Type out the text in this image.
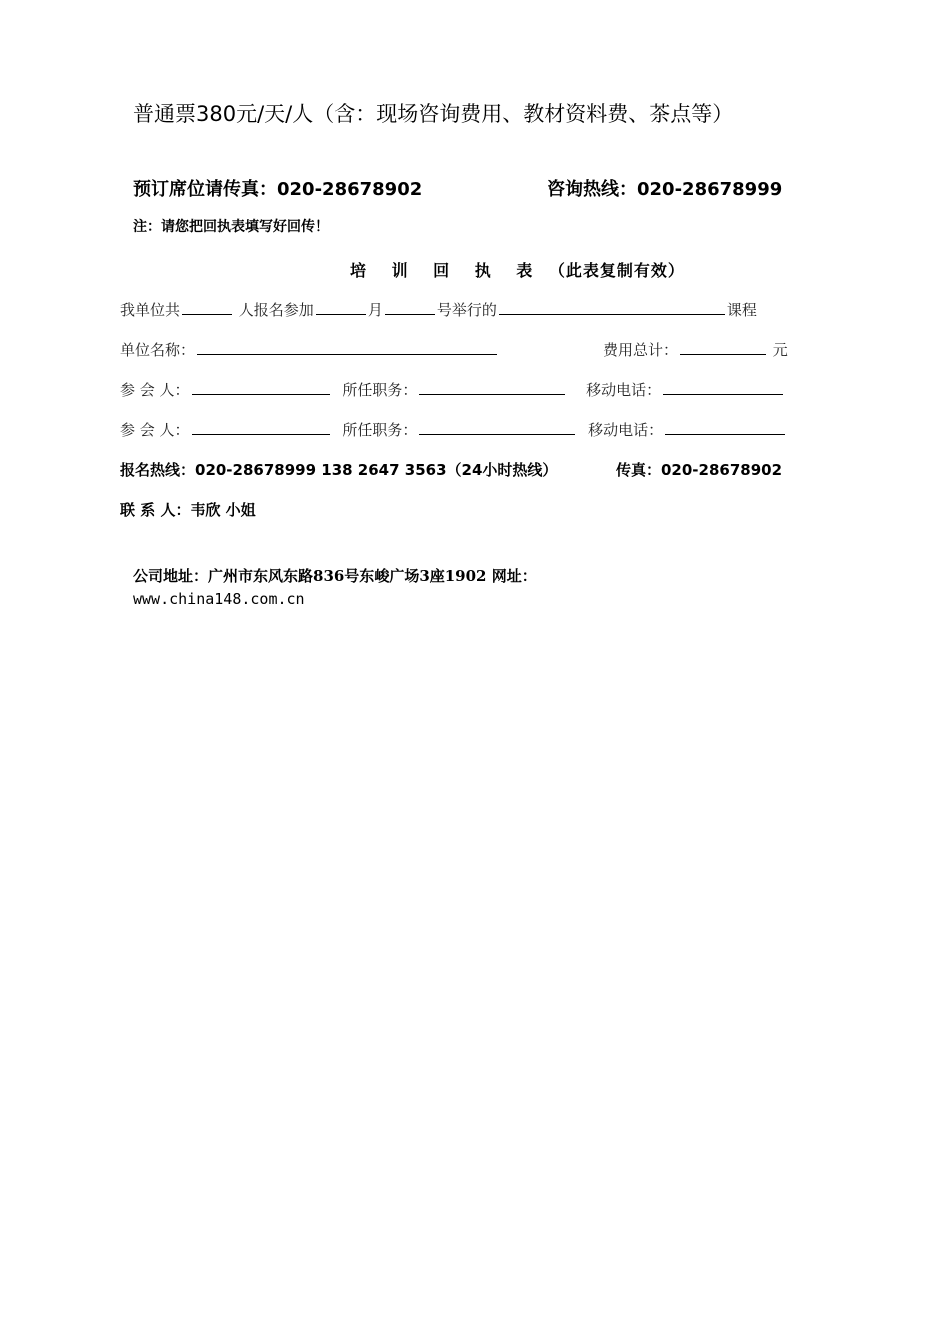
普通票380元/天/人（含：现场咨询费用、教材资料费、茶点等）
预订席位请传真：020-28678902	咨询热线：020-28678999
注：请您把回执表填写好回传！
培 训 回 执 表 （此表复制有效）
我单位共	人报名参加	月	号举行的	课程
单位名称：	费用总计：	元
参 会 人：	所任职务：	移动电话：
参 会 人：	所任职务：	移动电话：
报名热线：020-28678999 138 2647 3563（24小时热线）	传真：020-28678902
联 系 人：韦欣 小姐
公司地址：广州市东风东路836号东峻广场3座1902 网址：
www.china148.com.cn
